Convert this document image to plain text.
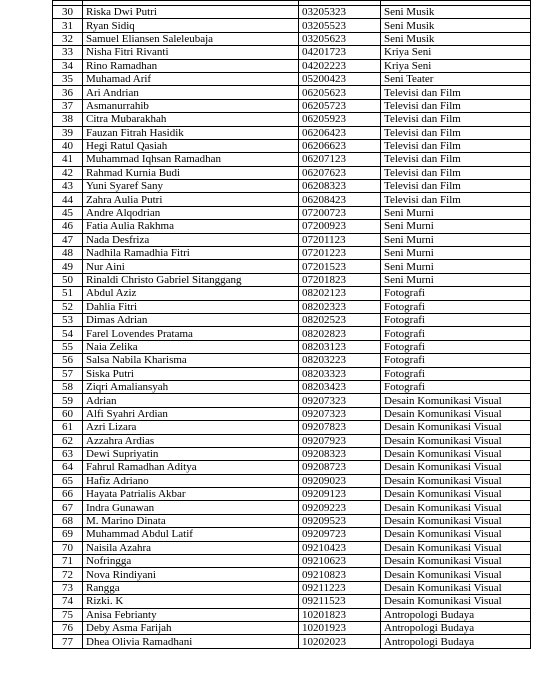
30	Riska Dwi Putri	03205323	Seni Musik
31	Ryan Sidiq	03205523	Seni Musik
32	Samuel Eliansen Saleleubaja	03205623	Seni Musik
33	Nisha Fitri Rivanti	04201723	Kriya Seni
34	Rino Ramadhan	04202223	Kriya Seni
35	Muhamad Arif	05200423	Seni Teater
36	Ari Andrian	06205623	Televisi dan Film
37	Asmanurrahib	06205723	Televisi dan Film
38	Citra Mubarakhah	06205923	Televisi dan Film
39	Fauzan Fitrah Hasidik	06206423	Televisi dan Film
40	Hegi Ratul Qasiah	06206623	Televisi dan Film
41	Muhammad Iqhsan Ramadhan	06207123	Televisi dan Film
42	Rahmad Kurnia Budi	06207623	Televisi dan Film
43	Yuni Syaref Sany	06208323	Televisi dan Film
44	Zahra Aulia Putri	06208423	Televisi dan Film
45	Andre Alqodrian	07200723	Seni Murni
46	Fatia Aulia Rakhma	07200923	Seni Murni
47	Nada Desfriza	07201123	Seni Murni
48	Nadhila Ramadhia Fitri	07201223	Seni Murni
49	Nur Aini	07201523	Seni Murni
50	Rinaldi Christo Gabriel Sitanggang	07201823	Seni Murni
51	Abdul Aziz	08202123	Fotografi
52	Dahlia Fitri	08202323	Fotografi
53	Dimas Adrian	08202523	Fotografi
54	Farel Lovendes Pratama	08202823	Fotografi
55	Naia Zelika	08203123	Fotografi
56	Salsa Nabila Kharisma	08203223	Fotografi
57	Siska Putri	08203323	Fotografi
58	Ziqri Amaliansyah	08203423	Fotografi
59	Adrian	09207323	Desain Komunikasi Visual
60	Alfi Syahri Ardian	09207323	Desain Komunikasi Visual
61	Azri Lizara	09207823	Desain Komunikasi Visual
62	Azzahra Ardias	09207923	Desain Komunikasi Visual
63	Dewi Supriyatin	09208323	Desain Komunikasi Visual
64	Fahrul Ramadhan Aditya	09208723	Desain Komunikasi Visual
65	Hafiz Adriano	09209023	Desain Komunikasi Visual
66	Hayata Patrialis Akbar	09209123	Desain Komunikasi Visual
67	Indra Gunawan	09209223	Desain Komunikasi Visual
68	M. Marino Dinata	09209523	Desain Komunikasi Visual
69	Muhammad Abdul Latif	09209723	Desain Komunikasi Visual
70	Naisila Azahra	09210423	Desain Komunikasi Visual
71	Nofringga	09210623	Desain Komunikasi Visual
72	Nova Rindiyani	09210823	Desain Komunikasi Visual
73	Rangga	09211223	Desain Komunikasi Visual
74	Rizki. K	09211523	Desain Komunikasi Visual
75	Anisa Febrianty	10201823	Antropologi Budaya
76	Deby Asma Farijah	10201923	Antropologi Budaya
77	Dhea Olivia Ramadhani	10202023	Antropologi Budaya
